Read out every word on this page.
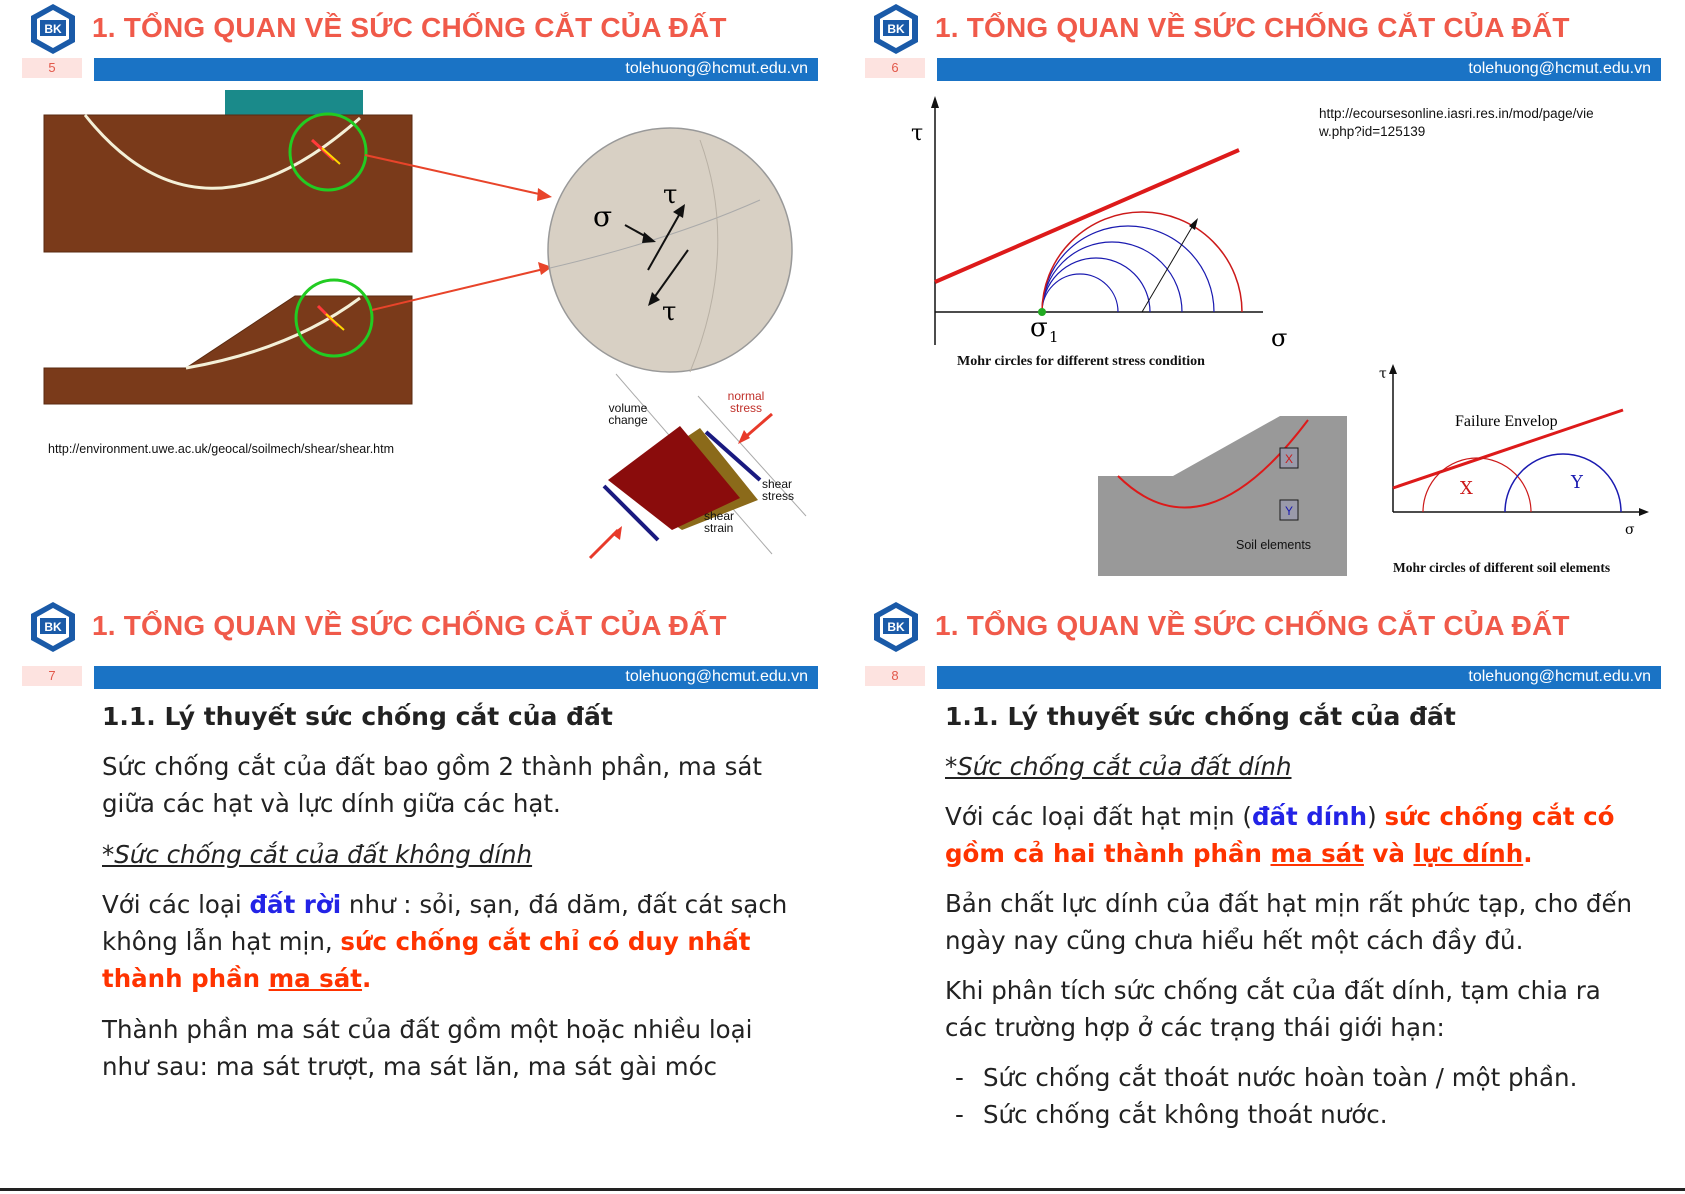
BK 1. TỔNG QUAN VỀ SỨC CHỐNG CẮT CỦA ĐẤT
5	tolehuong@hcmut.edu.vn
σ
τ
τ
volume change
normal stress
shear stress
shear strain
http://environment.uwe.ac.uk/geocal/soilmech/shear/shear.htm
BK 1. TỔNG QUAN VỀ SỨC CHỐNG CẮT CỦA ĐẤT
6	tolehuong@hcmut.edu.vn
http://ecoursesonline.iasri.res.in/mod/page/vie
w.php?id=125139
τ
σ 1	σ
X
Y
X	Y
τ
σ
Failure Envelop
Mohr circles for different stress condition
Soil elements
Mohr circles of different soil elements
BK 1. TỔNG QUAN VỀ SỨC CHỐNG CẮT CỦA ĐẤT
7	tolehuong@hcmut.edu.vn
1.1. Lý thuyết sức chống cắt của đất
Sức chống cắt của đất bao gồm 2 thành phần, ma sát giữa các hạt và lực dính giữa các hạt.
*Sức chống cắt của đất không dính
Với các loại đất rời như : sỏi, sạn, đá dăm, đất cát sạch không lẫn hạt mịn, sức chống cắt chỉ có duy nhất thành phần ma sát.
Thành phần ma sát của đất gồm một hoặc nhiều loại như sau: ma sát trượt, ma sát lăn, ma sát gài móc
BK 1. TỔNG QUAN VỀ SỨC CHỐNG CẮT CỦA ĐẤT
8	tolehuong@hcmut.edu.vn
1.1. Lý thuyết sức chống cắt của đất
*Sức chống cắt của đất dính
Với các loại đất hạt mịn (đất dính) sức chống cắt có gồm cả hai thành phần ma sát và lực dính.
Bản chất lực dính của đất hạt mịn rất phức tạp, cho đến ngày nay cũng chưa hiểu hết một cách đầy đủ.
Khi phân tích sức chống cắt của đất dính, tạm chia ra các trường hợp ở các trạng thái giới hạn:
- Sức chống cắt thoát nước hoàn toàn / một phần.
- Sức chống cắt không thoát nước.
